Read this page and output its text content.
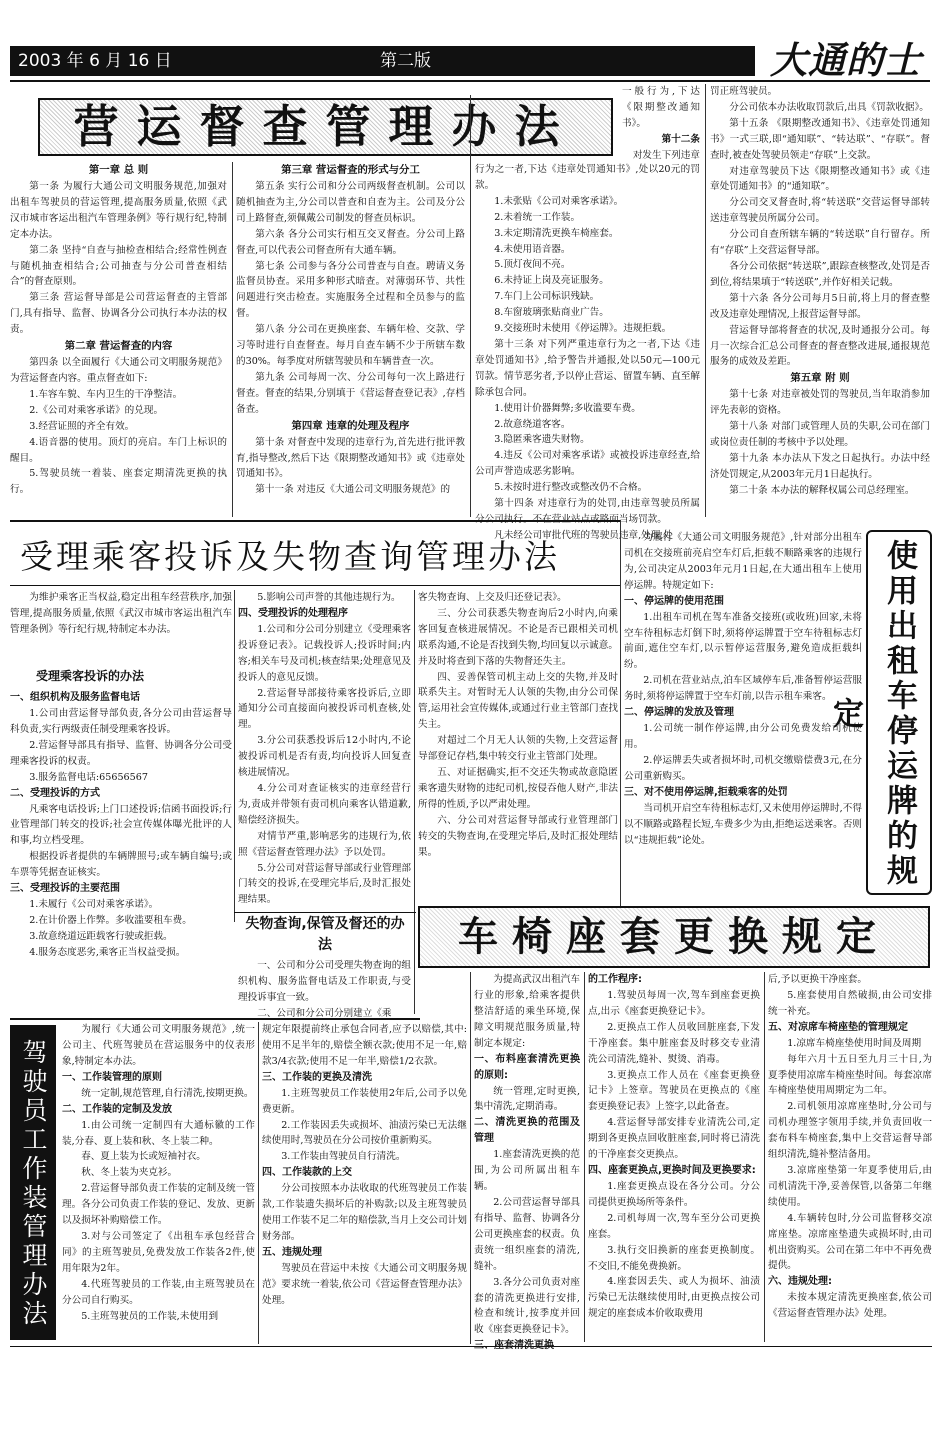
2003 年 6 月 16 日	第二版	大通的士
营运督查管理办法

第一章 总 则

第一条 为履行大通公司文明服务规范,加强对出租车驾驶员的营运管理,提高服务质量,依照《武汉市城市客运出租汽车管理条例》等行规行纪,特制定本办法。

第二条 坚持“自查与抽检查相结合;经常性例查与随机抽查相结合;公司抽查与分公司普查相结合”的督查原则。

第三条 营运督导部是公司营运督查的主管部门,具有指导、监督、协调各分公司执行本办法的权责。

第二章 营运督查的内容

第四条 以全面履行《大通公司文明服务规范》为营运督查内容。重点督查如下:

1.车容车貌、车内卫生的干净整洁。

2.《公司对乘客承诺》的兑现。

3.经营证照的齐全有效。

4.语音器的使用。顶灯的亮启。车门上标识的醒目。

5.驾驶员统一着装、座套定期清洗更换的执行。

第三章 营运督查的形式与分工

第五条 实行公司和分公司两级督查机制。公司以随机抽查为主,分公司以普查和自查为主。公司及分公司上路督查,须佩戴公司制发的督查员标识。

第六条 各分公司实行相互交叉督查。分公司上路督查,可以代表公司督查所有大通车辆。

第七条 公司参与各分公司普查与自查。聘请义务监督员协查。采用多种形式暗查。对薄弱环节、共性问题进行突击检查。实施服务全过程和全员参与的监督。

第八条 分公司在更换座套、车辆年检、交款、学习等时进行自查督查。每月自查车辆不少于所辖车数的30%。每季度对所辖驾驶员和车辆普查一次。

第九条 公司每周一次、分公司每句一次上路进行督查。督查的结果,分别填于《营运督查登记表》,存档备查。

第四章 违章的处理及程序

第十条 对督查中发现的违章行为,首先进行批评教育,指导整改,然后下达《限期整改通知书》或《违章处罚通知书》。

第十一条 对违反《大通公司文明服务规范》的

行为之一者,下达《违章处罚通知书》,处以20元的罚款。

1.未张贴《公司对乘客承诺》。

2.未着统一工作装。

3.未定期清洗更换车椅座套。

4.未使用语音器。

5.顶灯夜间不亮。

6.未持证上岗及亮证服务。

7.车门上公司标识残缺。

8.车窗玻璃张贴商业广告。

9.交接班时未使用《停运牌》。违规拒载。

第十三条 对下列严重违章行为之一者,下达《违章处罚通知书》,给予警告并通报,处以50元—100元罚款。情节恶劣者,予以停止营运、留置车辆、直至解除承包合同。

1.使用计价器舞弊;多收滥要车费。

2.故意绕道客客。

3.隐匿乘客遗失财物。

4.违反《公司对乘客承诺》或被投诉违章经查,给公司声誉造成恶劣影响。

5.未按时进行整改或整改仍不合格。

第十四条 对违章行为的处罚,由违章驾驶员所属分公司执行。不在营业站点或路面当场罚款。

凡未经公司审批代班的驾驶员违章,处理,处

一般行为,下达《限期整改通知书》。

第十二条
对发生下列违章

罚正班驾驶员。

分公司依本办法收取罚款后,出具《罚款收据》。

第十五条 《限期整改通知书》、《违章处罚通知书》一式三联,即“通知联”、“转达联”、“存联”。督查时,被查处驾驶员领走“存联”上交款。

对违章驾驶员下达《限期整改通知书》或《违章处罚通知书》的“通知联”。

分公司交叉督查时,将“转送联”交营运督导部转送违章驾驶员所属分公司。

分公司自查所辖车辆的“转送联”自行留存。所有“存联”上交营运督导部。

各分公司依据“转送联”,跟踪查核整改,处罚是否到位,将结果填于“转送联”,并作好相关记载。

第十六条 各分公司每月5日前,将上月的督查整改及违章处理情况,上报营运督导部。

营运督导部将督查的状况,及时通报分公司。每月一次综合汇总公司督查的督查整改进展,通报规范服务的成效及差距。

第五章 附 则

第十七条 对违章被处罚的驾驶员,当年取消参加评先表彰的资格。

第十八条 对部门或管理人员的失职,公司在部门或岗位责任制的考核中予以处理。

第十九条 本办法从下发之日起执行。办法中经济处罚规定,从2003年元月1日起执行。

第二十条 本办法的解释权属公司总经理室。

受理乘客投诉及失物查询管理办法

为维护乘客正当权益,稳定出租车经营秩序,加强管理,提高服务质量,依照《武汉市城市客运出租汽车管理条例》等行纪行规,特制定本办法。

受理乘客投诉的办法

一、组织机构及服务监督电话

1.公司由营运督导部负责,各分公司由营运督导科负责,实行两级责任制受理乘客投诉。

2.营运督导部具有指导、监督、协调各分公司受理乘客投诉的权责。

3.服务监督电话:65656567

二、受理投诉的方式

凡乘客电话投诉;上门口述投诉;信函书面投诉;行业管理部门转交的投诉;社会宣传媒体曝光批评的人和事,均立档受理。

根据投诉者提供的车辆牌照号;或车辆自编号;或车票等凭据查证核实。

三、受理投诉的主要范围

1.未履行《公司对乘客承诺》。

2.在计价器上作弊。多收滥要租车费。

3.故意绕道远距载客行驶或拒载。

4.服务态度恶劣,乘客正当权益受损。

5.影响公司声誉的其他违规行为。

四、受理投诉的处理程序

1.公司和分公司分别建立《受理乘客投诉登记表》。记载投诉人;投诉时间;内容;相关车号及司机;核查结果;处理意见及投诉人的意见反馈。

2.营运督导部接待乘客投诉后,立即通知分公司直接面向被投诉司机查核,处理。

3.分公司获悉投诉后12小时内,不论被投诉司机是否有责,均向投诉人回复查核进展情况。

4.分公司对查证核实的违章经营行为,责成并带领有责司机向乘客认错道歉,赔偿经济损失。

对情节严重,影响恶劣的违规行为,依照《营运督查管理办法》予以处罚。

5.分公司对营运督导部或行业管理部门转交的投诉,在受理完毕后,及时汇报处理结果。

客失物查询、上交及归还登记表》。

三、分公司获悉失物查询后2小时内,向乘客回复查核进展情况。不论是否已跟相关司机联系沟通,不论是否找到失物,均回复以示诚意。并及时将查到下落的失物督还失主。

四、妥善保管司机主动上交的失物,并及时联系失主。对暂时无人认领的失物,由分公司保管,运用社会宣传媒体,或通过行业主管部门查找失主。

对超过二个月无人认领的失物,上交营运督导部登记存档,集中转交行业主管部门处理。

五、对证据确实,拒不交还失物或故意隐匿乘客遗失财物的违纪司机,按侵吞他人财产,非法所得的性质,予以严肃处理。

六、分公司对营运督导部或行业管理部门转交的失物查询,在受理完毕后,及时汇报处理结果。

失物查询,保管及督还的办法

一、公司和分公司受理失物查询的组织机构、服务监督电话及工作职责,与受理投诉事宜一致。

二、公司和分公司分别建立《乘

为履行《大通公司文明服务规范》,针对部分出租车司机在交接班前亮启空车灯后,拒载不顺路乘客的违规行为,公司决定从2003年元月1日起,在大通出租车上使用停运牌。特规定如下:

一、停运牌的使用范围

1.出租车司机在驾车准备交接班(或收班)回家,未将空车待租标志灯倒下时,须将停运牌置于空车待租标志灯前面,遮住空车灯,以示暂停运营服务,避免造成拒载纠纷。

2.司机在营业站点,泊车区域停车后,准备暂停运营服务时,须将停运牌置于空车灯前,以告示租车乘客。

二、停运牌的发放及管理

1.公司统一制作停运牌,由分公司免费发给司机使用。

2.停运牌丢失或者损坏时,司机交缴赔偿费3元,在分公司重新购买。

三、对不使用停运牌,拒载乘客的处罚

当司机开启空车待租标志灯,又未使用停运牌时,不得以不顺路或路程长短,车费多少为由,拒绝运送乘客。否则以“违规拒载”论处。	使用出租车停运牌的规定
车椅座套更换规定

为提高武汉出租汽车行业的形象,给乘客提供整洁舒适的乘坐环境,保障文明规范服务质量,特制定本规定:

一、布料座套清洗更换的原则:

统一管理,定时更换,集中清洗,定期消毒。

二、清洗更换的范围及管理

1.座套清洗更换的范围,为公司所属出租车辆。

2.公司营运督导部具有指导、监督、协调各分公司更换座套的权责。负责统一组织座套的清洗,缝补。

3.各分公司负责对座套的清洗更换进行安排,检查和统计,按季度并回收《座套更换登记卡》。

三、座套清洗更换

的工作程序:

1.驾驶员每周一次,驾车到座套更换点,出示《座套更换登记卡》。

2.更换点工作人员收回脏座套,下发干净座套。集中脏座套及时移交专业清洗公司清洗,缝补、熨烫、消毒。

3.更换点工作人员在《座套更换登记卡》上签章。驾驶员在更换点的《座套更换登记表》上签字,以此备查。

4.营运督导部安排专业清洗公司,定期到各更换点回收脏座套,同时将已清洗的干净座套交更换点。

四、座套更换点,更换时间及更换要求:

1.座套更换点设在各分公司。分公司提供更换场所等条件。

2.司机每周一次,驾车至分公司更换座套。

3.执行交旧换新的座套更换制度。不交旧,不能免费换新。

4.座套因丢失、或人为损坏、油渍污染已无法继续使用时,由更换点按公司规定的座套成本价收取费用

后,予以更换干净座套。

5.座套使用自然破损,由公司安排统一补充。

五、对凉席车椅座垫的管理规定

1.凉席车椅座垫使用时间及周期

每年六月十五日至九月三十日,为夏季使用凉席车椅座垫时间。每套凉席车椅座垫使用周期定为二年。

2.司机领用凉席座垫时,分公司与司机办理签字领用手续,并负责回收一套布料车椅座套,集中上交营运督导部组织清洗,缝补整洁备用。

3.凉席座垫第一年夏季使用后,由司机清洗干净,妥善保管,以备第二年继续使用。

4.车辆转包时,分公司监督移交凉席座垫。凉席座垫遗失或损坏时,由司机出资购买。公司在第二年中不再免费提供。

六、违规处理:

未按本规定清洗更换座套,依公司《营运督查管理办法》处理。

驾驶员工作装管理办法

为履行《大通公司文明服务规范》,统一公司主、代班驾驶员在营运服务中的仪表形象,特制定本办法。

一、工作装管理的原则

统一定制,规范管理,自行清洗,按期更换。

二、工作装的定制及发放

1.由公司统一定制四有大通标徽的工作装,分春、夏上装和秋、冬上装二种。

春、夏上装为长或短袖衬衣。

秋、冬上装为夹克衫。

2.营运督导部负责工作装的定制及统一管理。各分公司负责工作装的登记、发放、更新以及损坏补购赔偿工作。

3.对与公司签定了《出租车承包经营合同》的主班驾驶员,免费发放工作装各2件,使用年限为2年。

4.代班驾驶员的工作装,由主班驾驶员在分公司自行购买。

5.主班驾驶员的工作装,未使用到

规定年限提前终止承包合同者,应予以赔偿,其中:使用不足半年的,赔偿全额衣款;使用不足一年,赔款3/4衣款;使用不足一年半,赔偿1/2衣款。

三、工作装的更换及清洗

1.主班驾驶员工作装使用2年后,公司予以免费更新。

2.工作装因丢失或损坏、油渍污染已无法继续使用时,驾驶员在分公司按价重新购买。

3.工作装由驾驶员自行清洗。

四、工作装款的上交

分公司按照本办法收取的代班驾驶员工作装款,工作装遗失损坏后的补购款;以及主班驾驶员使用工作装不足二年的赔偿款,当月上交公司计划财务部。

五、违规处理

驾驶员在营运中未按《大通公司文明服务规范》要求统一着装,依公司《营运督查管理办法》处理。
